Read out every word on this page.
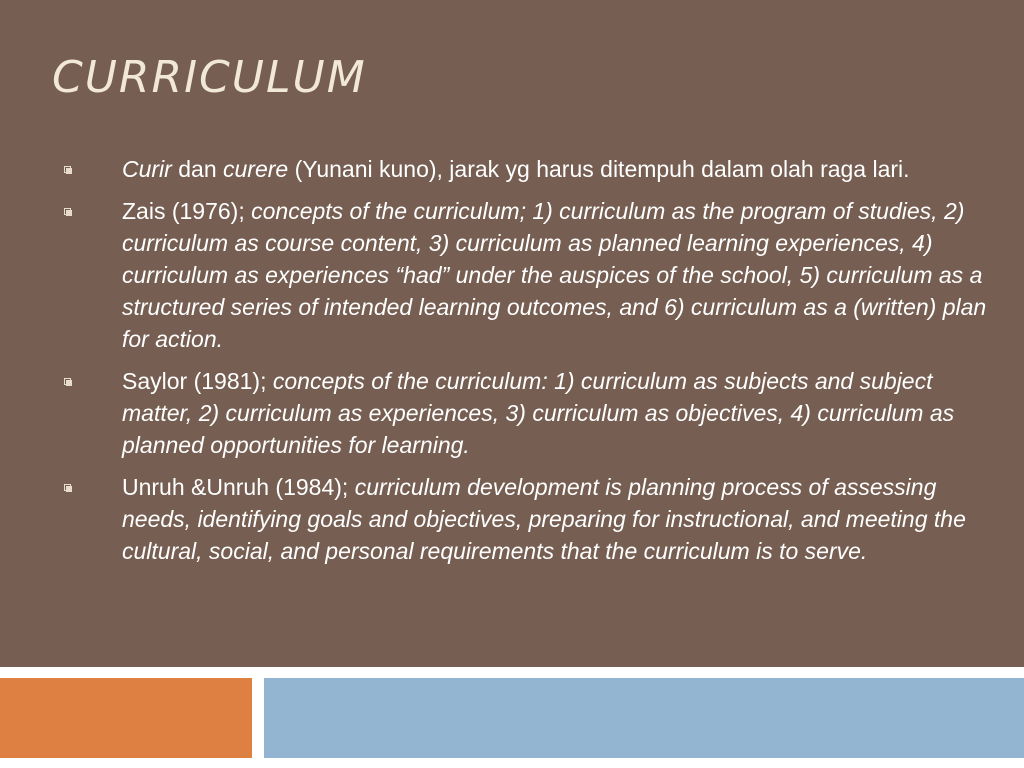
CURRICULUM
Curir dan curere (Yunani kuno), jarak yg harus ditempuh dalam olah raga lari.
Zais (1976); concepts of the curriculum; 1) curriculum as the program of studies, 2) curriculum as course content, 3) curriculum as planned learning experiences, 4) curriculum as experiences “had” under the auspices of the school, 5) curriculum as a structured series of intended learning outcomes, and 6) curriculum as a (written) plan for action.
Saylor (1981); concepts of the curriculum: 1) curriculum as subjects and subject matter, 2) curriculum as experiences, 3) curriculum as objectives, 4) curriculum as planned opportunities for learning.
Unruh &Unruh (1984); curriculum development is planning process of assessing needs, identifying goals and objectives, preparing for instructional, and meeting the cultural, social, and personal requirements that the curriculum is to serve.
